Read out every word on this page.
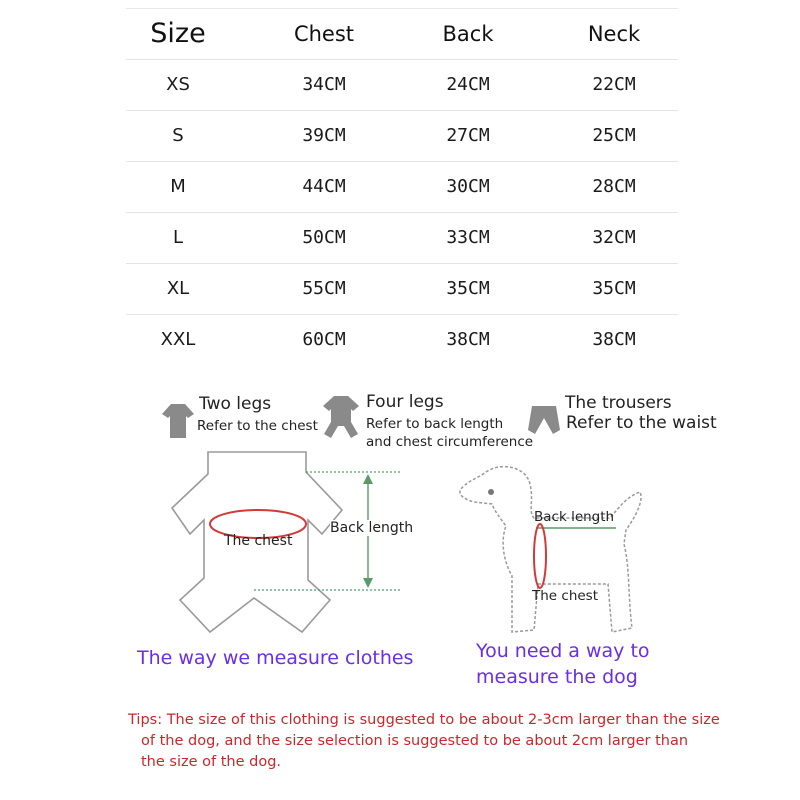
Size	Chest	Back	Neck
XS	34CM	24CM	22CM
S	39CM	27CM	25CM
M	44CM	30CM	28CM
L	50CM	33CM	32CM
XL	55CM	35CM	35CM
XXL	60CM	38CM	38CM
Two legs
Refer to the chest
Four legs
Refer to back length
and chest circumference
The trousers
Refer to the waist
The chest
Back length
The way we measure clothes
Back length
The chest
You need a way to
measure the dog
Tips: The size of this clothing is suggested to be about 2-3cm larger than the size
of the dog, and the size selection is suggested to be about 2cm larger than
the size of the dog.
